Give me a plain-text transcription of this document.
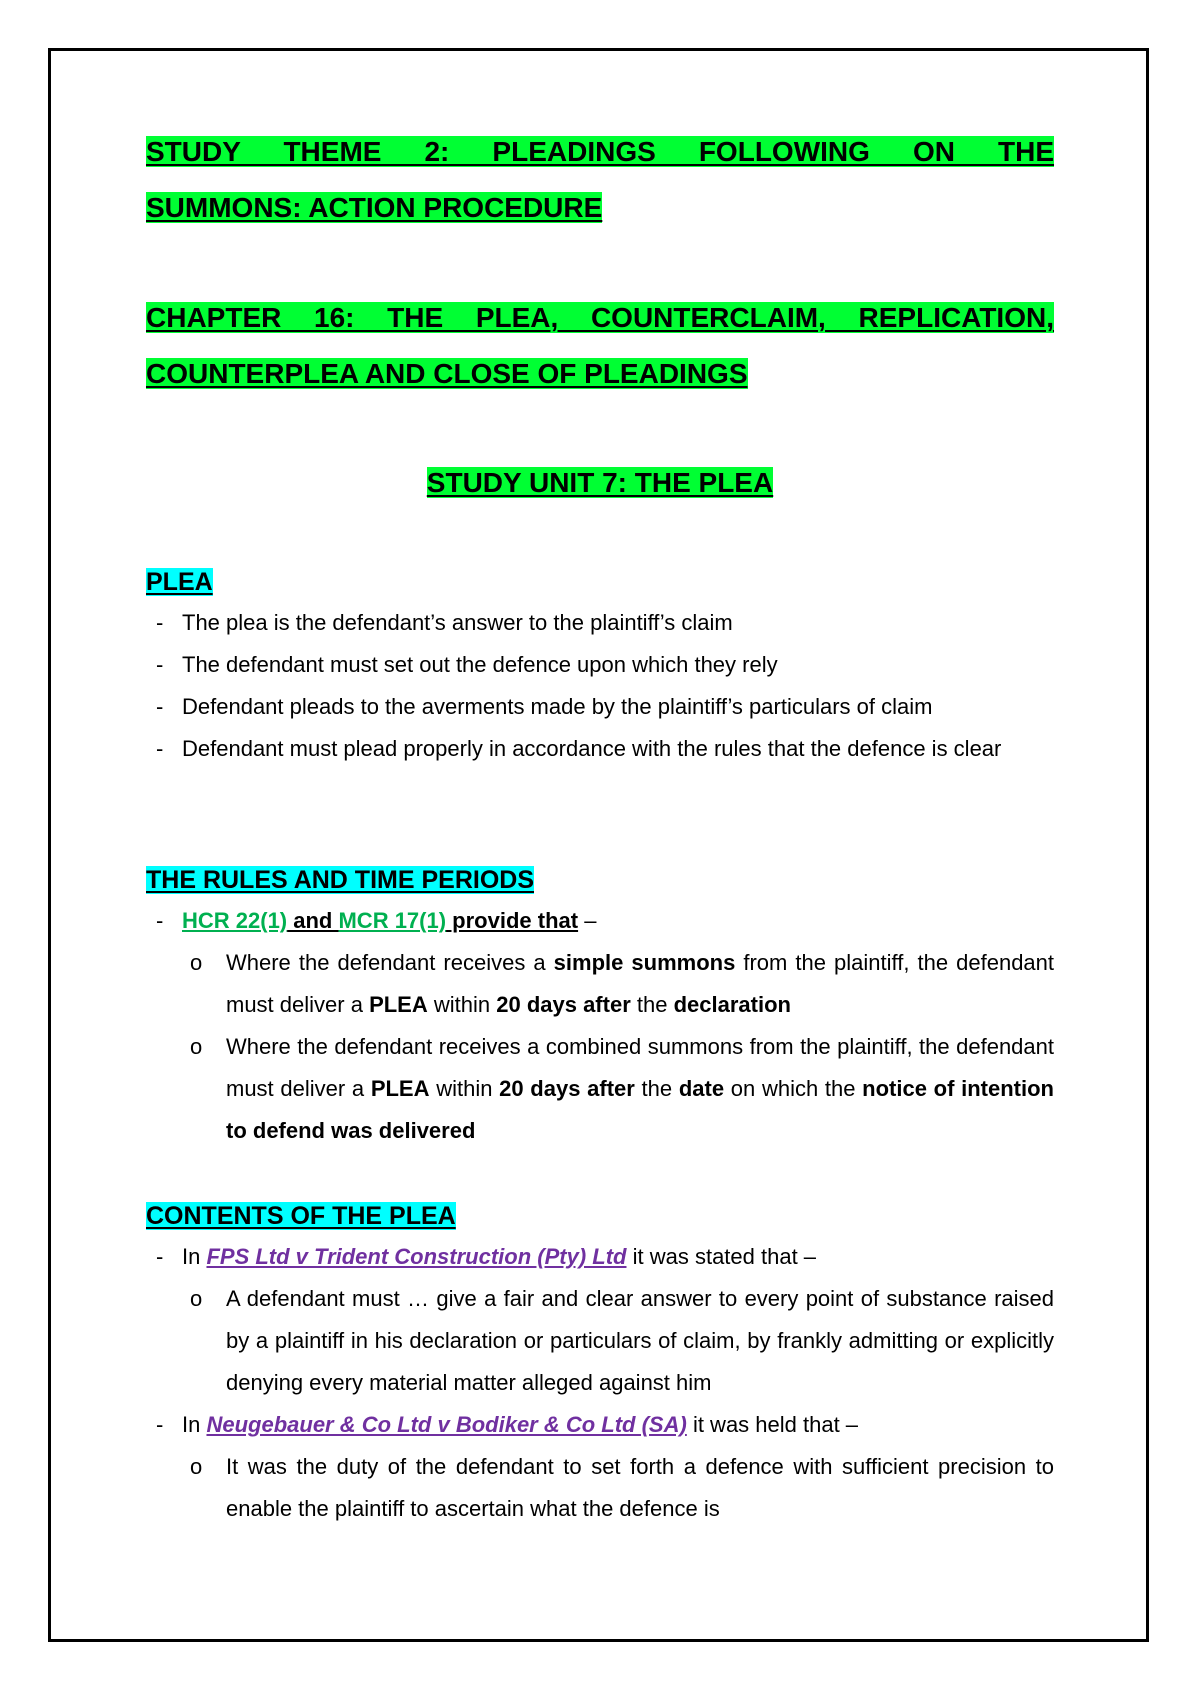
STUDY THEME 2: PLEADINGS FOLLOWING ON THE

SUMMONS: ACTION PROCEDURE

CHAPTER 16: THE PLEA, COUNTERCLAIM, REPLICATION,

COUNTERPLEA AND CLOSE OF PLEADINGS

STUDY UNIT 7: THE PLEA

PLEA

- The plea is the defendant’s answer to the plaintiff’s claim
- The defendant must set out the defence upon which they rely
- Defendant pleads to the averments made by the plaintiff’s particulars of claim
- Defendant must plead properly in accordance with the rules that the defence is clear

THE RULES AND TIME PERIODS

- HCR 22(1) and MCR 17(1) provide that –
o Where the defendant receives a simple summons from the plaintiff, the defendant must deliver a PLEA within 20 days after the declaration
o Where the defendant receives a combined summons from the plaintiff, the defendant must deliver a PLEA within 20 days after the date on which the notice of intention to defend was delivered

CONTENTS OF THE PLEA

- In FPS Ltd v Trident Construction (Pty) Ltd it was stated that –
o A defendant must … give a fair and clear answer to every point of substance raised by a plaintiff in his declaration or particulars of claim, by frankly admitting or explicitly denying every material matter alleged against him
- In Neugebauer & Co Ltd v Bodiker & Co Ltd (SA) it was held that –
o It was the duty of the defendant to set forth a defence with sufficient precision to enable the plaintiff to ascertain what the defence is
